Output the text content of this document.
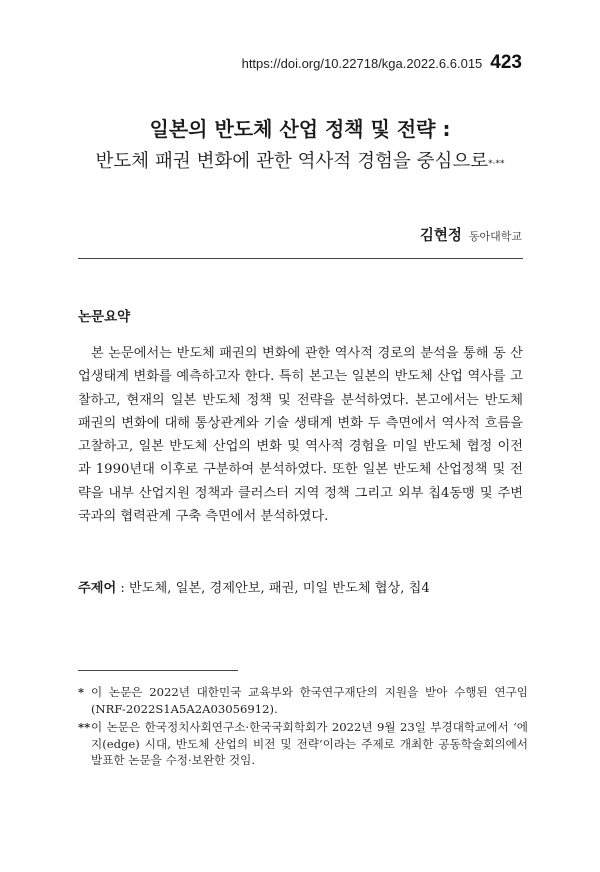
https://doi.org/10.22718/kga.2022.6.6.015 423
일본의 반도체 산업 정책 및 전략 :
반도체 패권 변화에 관한 역사적 경험을 중심으로*·**
김현정 동아대학교
논문요약

본 논문에서는 반도체 패권의 변화에 관한 역사적 경로의 분석을 통해 동 산업생태계 변화를 예측하고자 한다. 특히 본고는 일본의 반도체 산업 역사를 고찰하고, 현재의 일본 반도체 정책 및 전략을 분석하였다. 본고에서는 반도체 패권의 변화에 대해 통상관계와 기술 생태계 변화 두 측면에서 역사적 흐름을 고찰하고, 일본 반도체 산업의 변화 및 역사적 경험을 미일 반도체 협정 이전과 1990년대 이후로 구분하여 분석하였다. 또한 일본 반도체 산업정책 및 전략을 내부 산업지원 정책과 클러스터 지역 정책 그리고 외부 칩4동맹 및 주변국과의 협력관계 구축 측면에서 분석하였다.

주제어 : 반도체, 일본, 경제안보, 패권, 미일 반도체 협상, 칩4
* 이 논문은 2022년 대한민국 교육부와 한국연구재단의 지원을 받아 수행된 연구임(NRF-2022S1A5A2A03056912).
** 이 논문은 한국정치사회연구소·한국국회학회가 2022년 9월 23일 부경대학교에서 ‘에지(edge) 시대, 반도체 산업의 비전 및 전략’이라는 주제로 개최한 공동학술회의에서 발표한 논문을 수정·보완한 것임.
